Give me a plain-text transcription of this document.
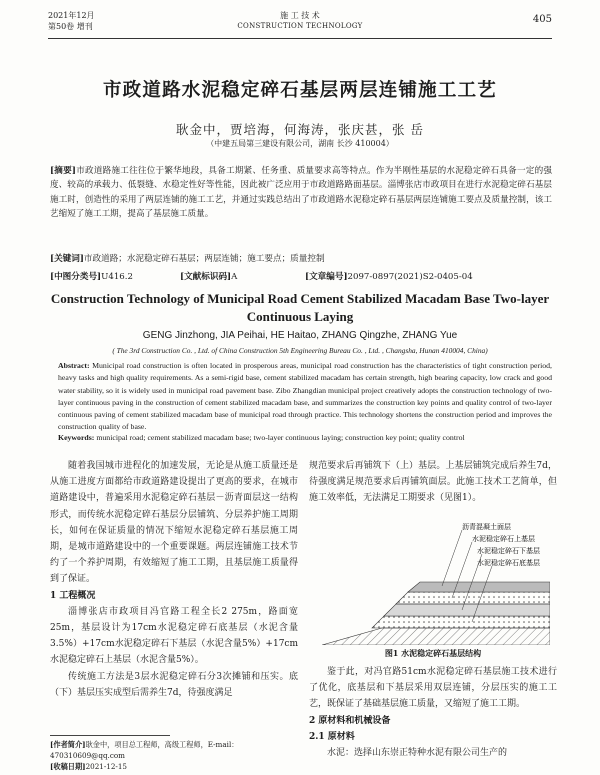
2021年12月
第50卷 增刊
施 工 技 术
CONSTRUCTION TECHNOLOGY
405
市政道路水泥稳定碎石基层两层连铺施工工艺
耿金中，贾培海，何海涛，张庆甚，张 岳
（中建五局第三建设有限公司，湖南 长沙 410004）
[摘要]市政道路施工往往位于繁华地段，具备工期紧、任务重、质量要求高等特点。作为半刚性基层的水泥稳定碎石具备一定的强度、较高的承载力、低裂缝、水稳定性好等性能，因此被广泛应用于市政道路路面基层。淄博张店市政项目在进行水泥稳定碎石基层施工时，创造性的采用了两层连铺的施工工艺，并通过实践总结出了市政道路水泥稳定碎石基层两层连铺施工要点及质量控制，该工艺缩短了施工工期，提高了基层施工质量。
[关键词]市政道路；水泥稳定碎石基层；两层连铺；施工要点；质量控制
[中图分类号]U416.2	[文献标识码]A	[文章编号]2097-0897(2021)S2-0405-04
Construction Technology of Municipal Road Cement Stabilized Macadam Base Two-layer Continuous Laying
GENG Jinzhong, JIA Peihai, HE Haitao, ZHANG Qingzhe, ZHANG Yue
( The 3rd Construction Co. , Ltd. of China Construction 5th Engineering Bureau Co. , Ltd. , Changsha, Hunan 410004, China)
Abstract: Municipal road construction is often located in prosperous areas, municipal road construction has the characteristics of tight construction period, heavy tasks and high quality requirements. As a semi-rigid base, cement stabilized macadam has certain strength, high bearing capacity, low crack and good water stability, so it is widely used in municipal road pavement base. Zibo Zhangdian municipal project creatively adopts the construction technology of two-layer continuous paving in the construction of cement stabilized macadam base, and summarizes the construction key points and quality control of two-layer continuous paving of cement stabilized macadam base of municipal road through practice. This technology shortens the construction period and improves the construction quality of base.
Keywords: municipal road; cement stabilized macadam base; two-layer continuous laying; construction key point; quality control
随着我国城市进程化的加速发展，无论是从施工质量还是从施工进度方面都给市政道路建设提出了更高的要求，在城市道路建设中，普遍采用水泥稳定碎石基层－沥青面层这一结构形式，而传统水泥稳定碎石基层分层铺筑、分层养护施工周期长，如何在保证质量的情况下缩短水泥稳定碎石基层施工周期，是城市道路建设中的一个重要课题。两层连铺施工技术节约了一个养护周期，有效缩短了施工工期，且基层施工质量得到了保证。
1 工程概况
淄博张店市政项目冯官路工程全长2 275m，路面宽25m，基层设计为17cm水泥稳定碎石底基层（水泥含量3.5%）+17cm水泥稳定碎石下基层（水泥含量5%）+17cm水泥稳定碎石上基层（水泥含量5%）。
传统施工方法是3层水泥稳定碎石分3次摊铺和压实。底（下）基层压实成型后需养生7d，待强度满足
规范要求后再铺筑下（上）基层。上基层铺筑完成后养生7d，待强度满足规范要求后再铺筑面层。此施工技术工艺简单，但施工效率低，无法满足工期要求（见图1）。
沥青混凝土面层
水泥稳定碎石上基层
水泥稳定碎石下基层
水泥稳定碎石底基层
图1 水泥稳定碎石基层结构
鉴于此，对冯官路51cm水泥稳定碎石基层施工技术进行了优化，底基层和下基层采用双层连铺，分层压实的施工工艺，既保证了基础基层施工质量，又缩短了施工工期。
2 原材料和机械设备
2.1 原材料
水泥：选择山东崇正特种水泥有限公司生产的
[作者简介]耿金中，项目总工程师，高级工程师，E-mail：470310609@qq.com
[收稿日期]2021-12-15
